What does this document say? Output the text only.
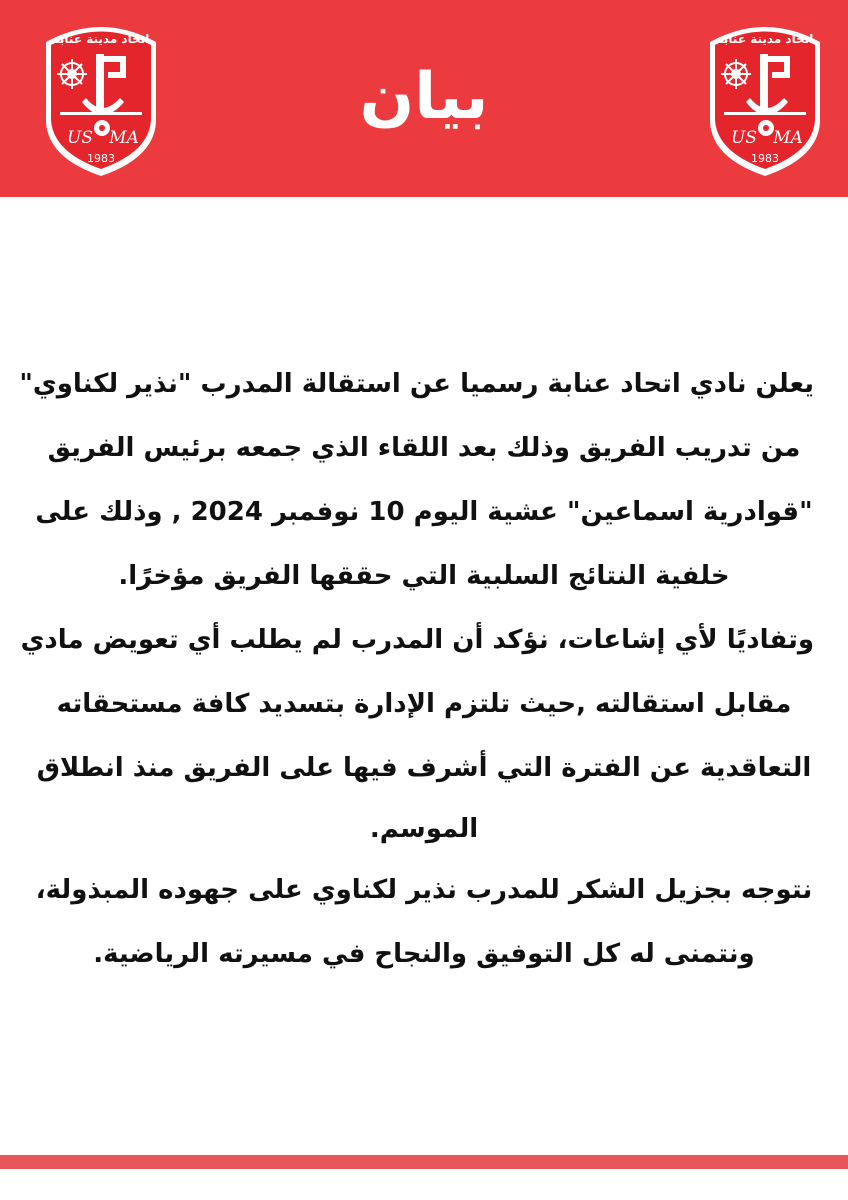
اتحاد مدينة عنابة
US MA
1983
بيان
اتحاد مدينة عنابة
US MA
1983
يعلن نادي اتحاد عنابة رسميا عن استقالة المدرب "نذير لكناوي"
من تدريب الفريق وذلك بعد اللقاء الذي جمعه برئيس الفريق
"قوادرية اسماعين" عشية اليوم 10 نوفمبر 2024 , وذلك على
خلفية النتائج السلبية التي حققها الفريق مؤخرًا.
وتفاديًا لأي إشاعات، نؤكد أن المدرب لم يطلب أي تعويض مادي
مقابل استقالته ,حيث تلتزم الإدارة بتسديد كافة مستحقاته
التعاقدية عن الفترة التي أشرف فيها على الفريق منذ انطلاق
الموسم.
نتوجه بجزيل الشكر للمدرب نذير لكناوي على جهوده المبذولة،
ونتمنى له كل التوفيق والنجاح في مسيرته الرياضية.
